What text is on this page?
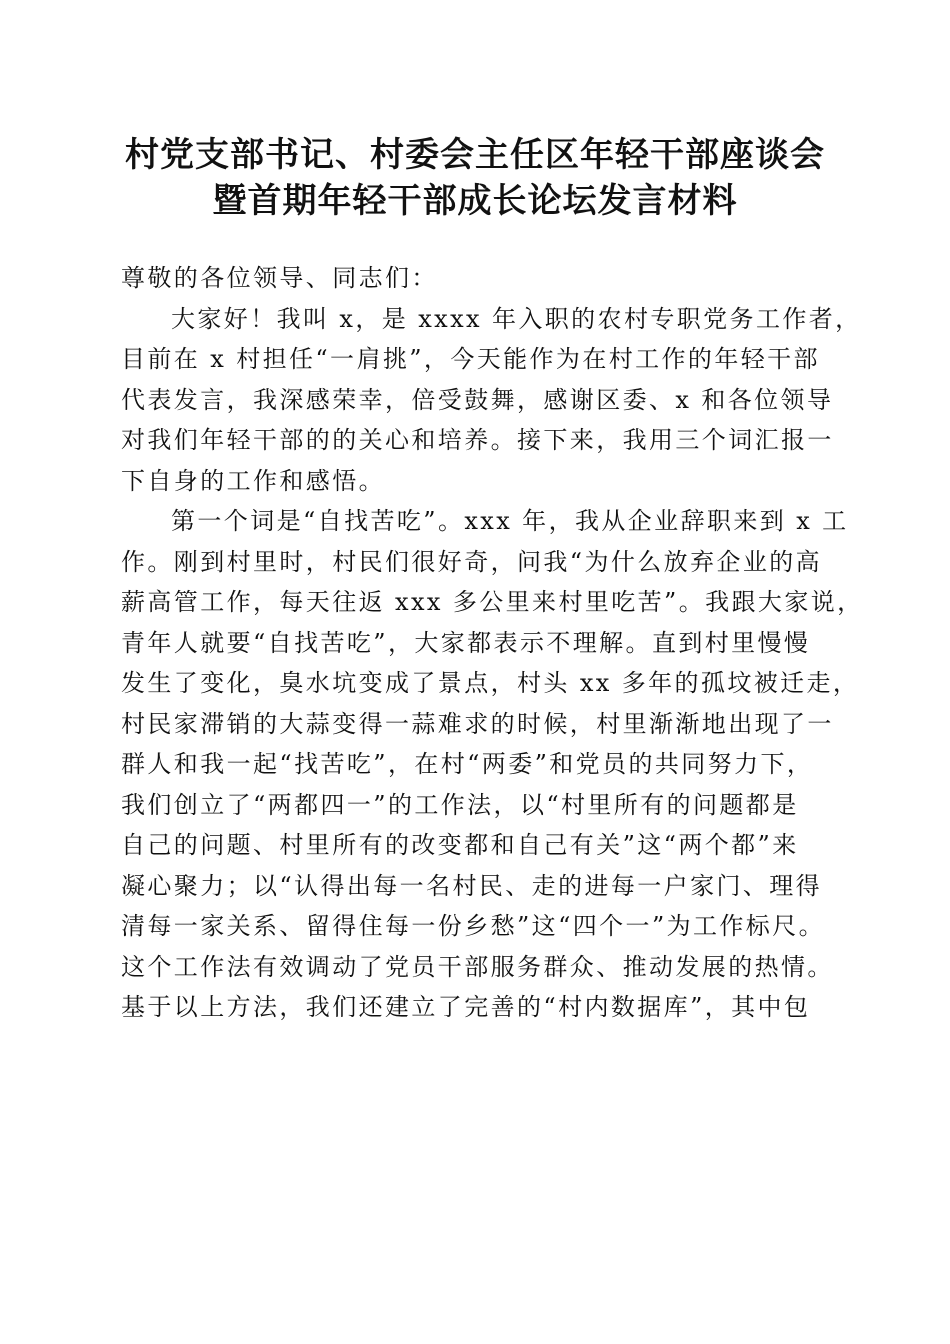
村党支部书记、村委会主任区年轻干部座谈会
暨首期年轻干部成长论坛发言材料
尊敬的各位领导、同志们：
大家好！我叫 x，是 xxxx 年入职的农村专职党务工作者，
目前在 x 村担任“一肩挑”，今天能作为在村工作的年轻干部
代表发言，我深感荣幸，倍受鼓舞，感谢区委、x 和各位领导
对我们年轻干部的的关心和培养。接下来，我用三个词汇报一
下自身的工作和感悟。
第一个词是“自找苦吃”。xxx 年，我从企业辞职来到 x 工
作。刚到村里时，村民们很好奇，问我“为什么放弃企业的高
薪高管工作，每天往返 xxx 多公里来村里吃苦”。我跟大家说，
青年人就要“自找苦吃”，大家都表示不理解。直到村里慢慢
发生了变化，臭水坑变成了景点，村头 xx 多年的孤坟被迁走，
村民家滞销的大蒜变得一蒜难求的时候，村里渐渐地出现了一
群人和我一起“找苦吃”，在村“两委”和党员的共同努力下，
我们创立了“两都四一”的工作法，以“村里所有的问题都是
自己的问题、村里所有的改变都和自己有关”这“两个都”来
凝心聚力；以“认得出每一名村民、走的进每一户家门、理得
清每一家关系、留得住每一份乡愁”这“四个一”为工作标尺。
这个工作法有效调动了党员干部服务群众、推动发展的热情。
基于以上方法，我们还建立了完善的“村内数据库”，其中包
